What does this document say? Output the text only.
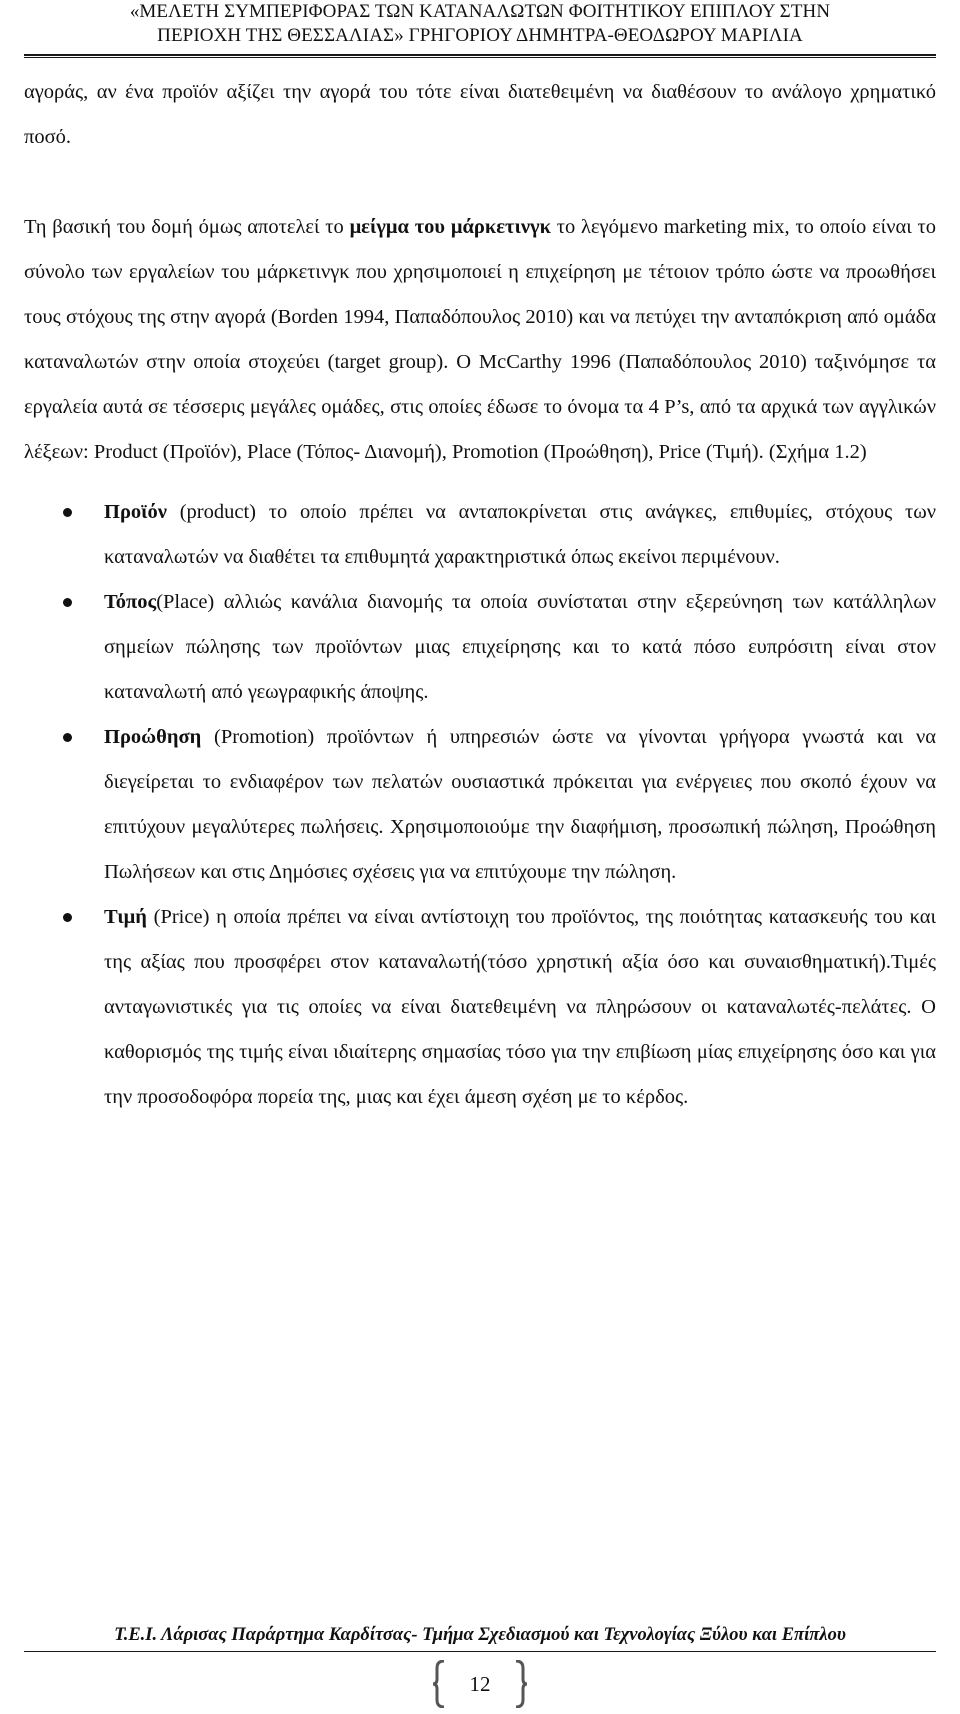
«ΜΕΛΕΤΗ ΣΥΜΠΕΡΙΦΟΡΑΣ ΤΩΝ ΚΑΤΑΝΑΛΩΤΩΝ ΦΟΙΤΗΤΙΚΟΥ ΕΠΙΠΛΟΥ ΣΤΗΝ
ΠΕΡΙΟΧΗ ΤΗΣ ΘΕΣΣΑΛΙΑΣ» ΓΡΗΓΟΡΙΟΥ ΔΗΜΗΤΡΑ-ΘΕΟΔΩΡΟΥ ΜΑΡΙΛΙΑ

αγοράς, αν ένα προϊόν αξίζει την αγορά του τότε είναι διατεθειμένη να διαθέσουν το ανάλογο χρηματικό ποσό.

Τη βασική του δομή όμως αποτελεί το μείγμα του μάρκετινγκ το λεγόμενο marketing mix, το οποίο είναι το σύνολο των εργαλείων του μάρκετινγκ που χρησιμοποιεί η επιχείρηση με τέτοιον τρόπο ώστε να προωθήσει τους στόχους της στην αγορά (Borden 1994, Παπαδόπουλος 2010) και να πετύχει την ανταπόκριση από ομάδα καταναλωτών στην οποία στοχεύει (target group). O McCarthy 1996 (Παπαδόπουλος 2010) ταξινόμησε τα εργαλεία αυτά σε τέσσερις μεγάλες ομάδες, στις οποίες έδωσε το όνομα τα 4 P’s, από τα αρχικά των αγγλικών λέξεων: Product (Προϊόν), Place (Τόπος- Διανομή), Promotion (Προώθηση), Price (Τιμή). (Σχήμα 1.2)

Προϊόν (product) το οποίο πρέπει να ανταποκρίνεται στις ανάγκες, επιθυμίες, στόχους των καταναλωτών να διαθέτει τα επιθυμητά χαρακτηριστικά όπως εκείνοι περιμένουν.
Τόπος(Place) αλλιώς κανάλια διανομής τα οποία συνίσταται στην εξερεύνηση των κατάλληλων σημείων πώλησης των προϊόντων μιας επιχείρησης και το κατά πόσο ευπρόσιτη είναι στον καταναλωτή από γεωγραφικής άποψης.
Προώθηση (Promotion) προϊόντων ή υπηρεσιών ώστε να γίνονται γρήγορα γνωστά και να διεγείρεται το ενδιαφέρον των πελατών ουσιαστικά πρόκειται για ενέργειες που σκοπό έχουν να επιτύχουν μεγαλύτερες πωλήσεις. Χρησιμοποιούμε την διαφήμιση, προσωπική πώληση, Προώθηση Πωλήσεων και στις Δημόσιες σχέσεις για να επιτύχουμε την πώληση.
Τιμή (Price) η οποία πρέπει να είναι αντίστοιχη του προϊόντος, της ποιότητας κατασκευής του και της αξίας που προσφέρει στον καταναλωτή(τόσο χρηστική αξία όσο και συναισθηματική).Τιμές ανταγωνιστικές για τις οποίες να είναι διατεθειμένη να πληρώσουν οι καταναλωτές-πελάτες. Ο καθορισμός της τιμής είναι ιδιαίτερης σημασίας τόσο για την επιβίωση μίας επιχείρησης όσο και για την προσοδοφόρα πορεία της, μιας και έχει άμεση σχέση με το κέρδος.
Τ.Ε.Ι. Λάρισας Παράρτημα Καρδίτσας- Τμήμα Σχεδιασμού και Τεχνολογίας Ξύλου και Επίπλου
12
